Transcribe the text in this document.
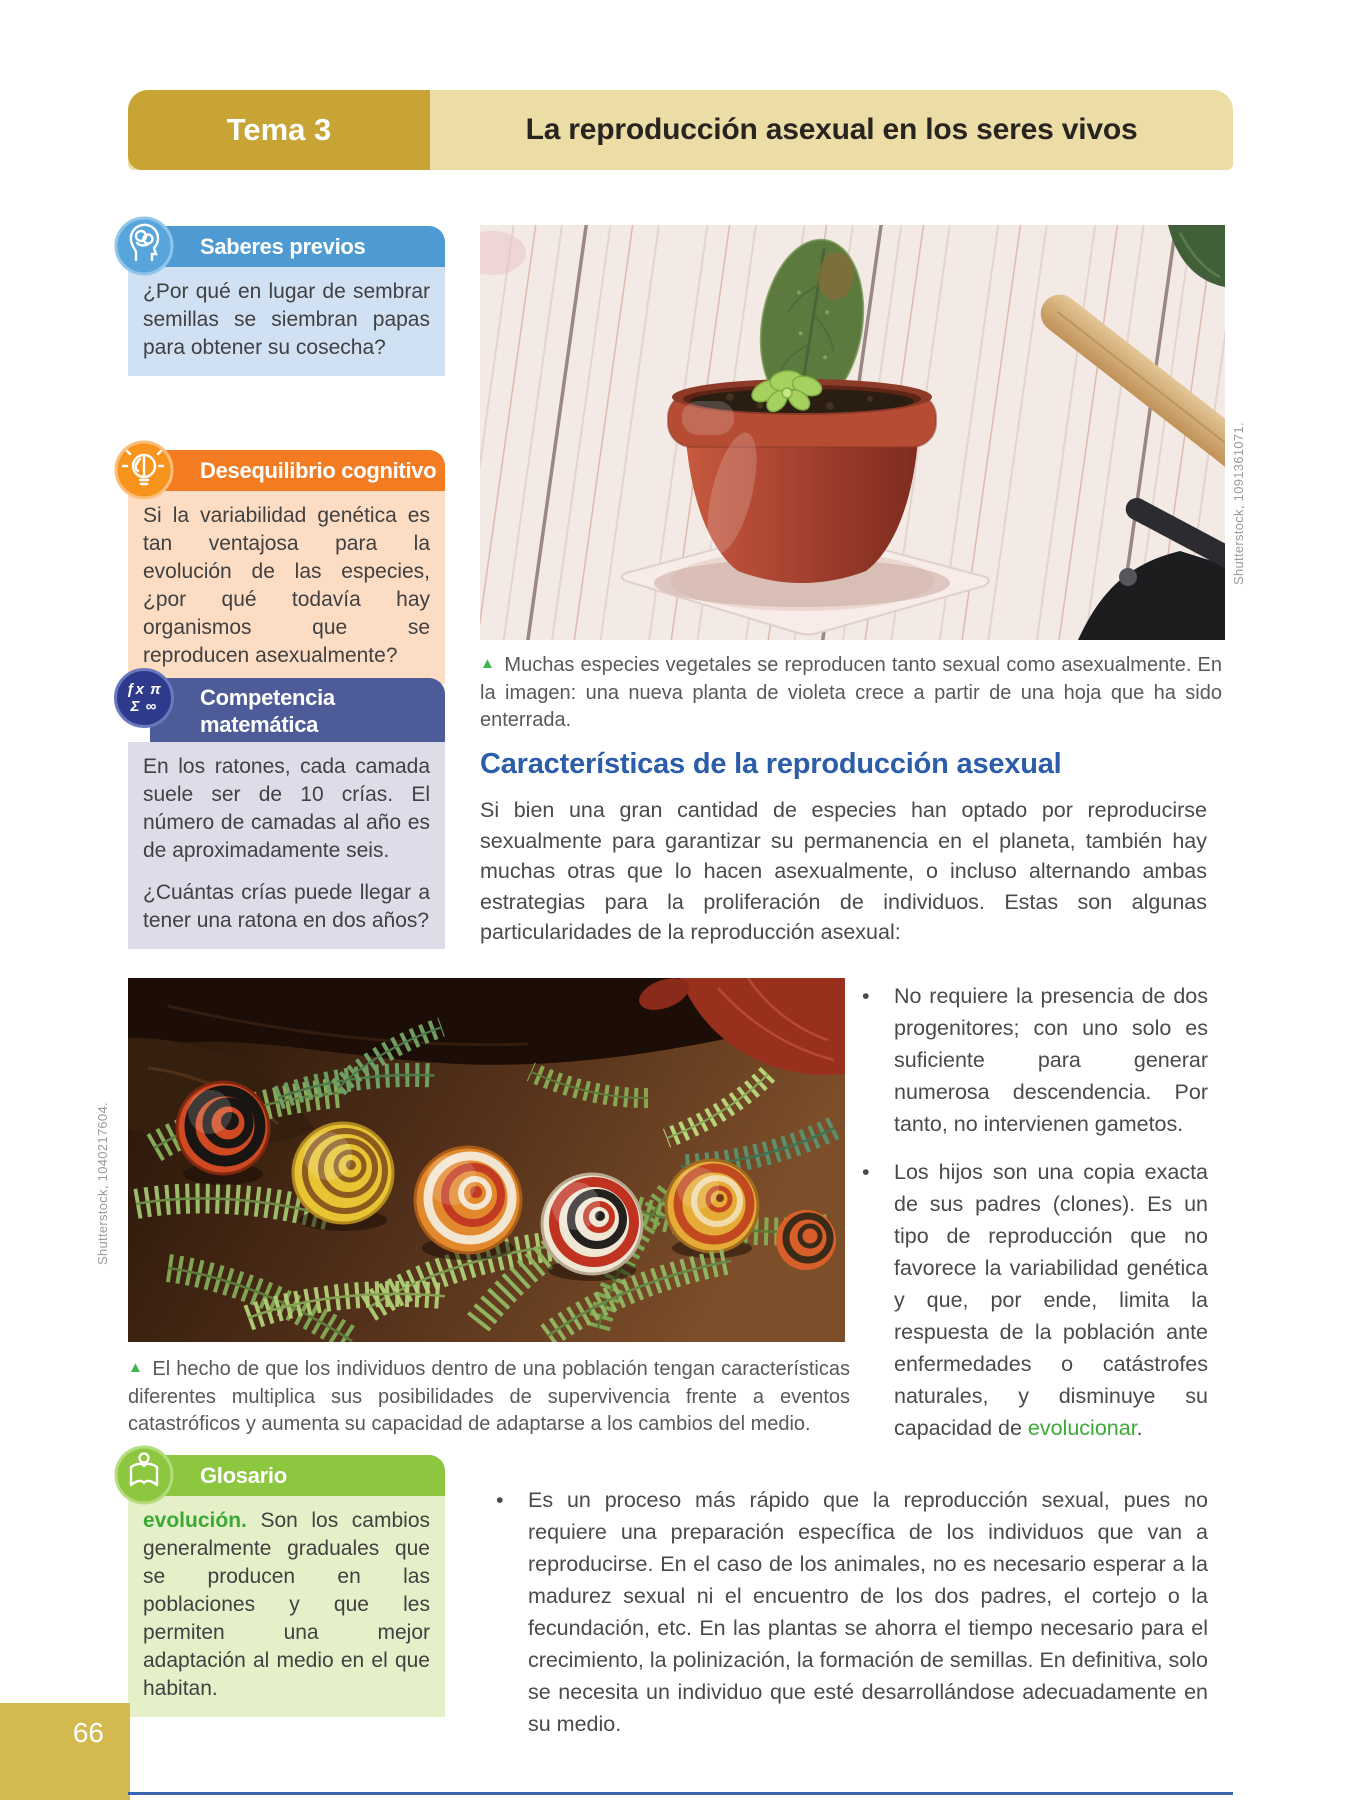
Tema 3	La reproducción asexual en los seres vivos
Saberes previos
¿Por qué en lugar de sembrar semillas se siembran papas para obtener su cosecha?
Desequilibrio cognitivo
Si la variabilidad genética es tan ventajosa para la evolución de las especies, ¿por qué todavía hay organismos que se reproducen asexualmente?
ƒx π
Σ ∞ Competencia
matemática

En los ratones, cada camada suele ser de 10 crías. El número de camadas al año es de aproximadamente seis.

¿Cuántas crías puede llegar a tener una ratona en dos años?

Shutterstock, 1091361071.
▲ Muchas especies vegetales se reproducen tanto sexual como asexualmente. En la imagen: una nueva planta de violeta crece a partir de una hoja que ha sido enterrada.
Características de la reproducción asexual
Si bien una gran cantidad de especies han optado por reproducirse sexualmente para garantizar su permanencia en el planeta, también hay muchas otras que lo hacen asexualmente, o incluso alternando ambas estrategias para la proliferación de individuos. Estas son algunas particularidades de la reproducción asexual:
Shutterstock, 1040217604.
▲ El hecho de que los individuos dentro de una población tengan características diferentes multiplica sus posibilidades de supervivencia frente a eventos catastróficos y aumenta su capacidad de adaptarse a los cambios del medio.
•	No requiere la presencia de dos progenitores; con uno solo es suficiente para generar numerosa descendencia. Por tanto, no intervienen gametos.
•	Los hijos son una copia exacta de sus padres (clones). Es un tipo de reproducción que no favorece la variabilidad genética y que, por ende, limita la respuesta de la población ante enfermedades o catástrofes naturales, y disminuye su capacidad de evolucionar.
Glosario
evolución. Son los cambios generalmente graduales que se producen en las poblaciones y que les permiten una mejor adaptación al medio en el que habitan.
•	Es un proceso más rápido que la reproducción sexual, pues no requiere una preparación específica de los individuos que van a reproducirse. En el caso de los animales, no es necesario esperar a la madurez sexual ni el encuentro de los dos padres, el cortejo o la fecundación, etc. En las plantas se ahorra el tiempo necesario para el crecimiento, la polinización, la formación de semillas. En definitiva, solo se necesita un individuo que esté desarrollándose adecuadamente en su medio.
66
